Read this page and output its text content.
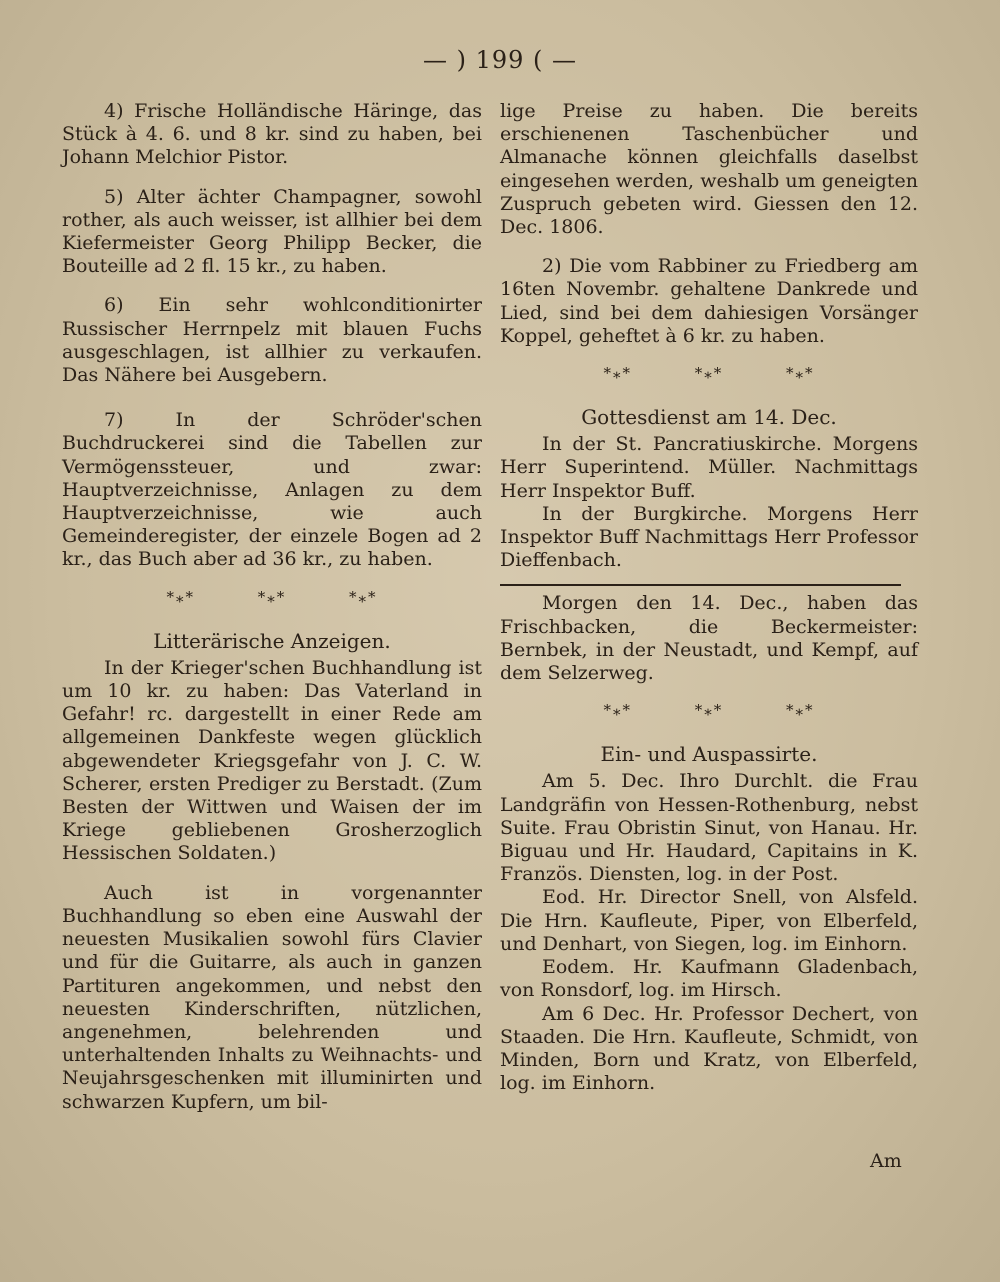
— ) 199 ( —

4) Frische Holländische Häringe, das Stück à 4. 6. und 8 kr. sind zu haben, bei Johann Melchior Pistor.

5) Alter ächter Champagner, sowohl rother, als auch weisser, ist allhier bei dem Kiefermeister Georg Philipp Becker, die Bouteille ad 2 fl. 15 kr., zu haben.

6) Ein sehr wohlconditionirter Russischer Herrnpelz mit blauen Fuchs ausgeschlagen, ist allhier zu verkaufen. Das Nähere bei Ausgebern.

7) In der Schröder'schen Buchdruckerei sind die Tabellen zur Vermögenssteuer, und zwar: Hauptverzeichnisse, Anlagen zu dem Hauptverzeichnisse, wie auch Gemeinderegister, der einzele Bogen ad 2 kr., das Buch aber ad 36 kr., zu haben.

*⁎*	*⁎*	*⁎*
Litterärische Anzeigen.

In der Krieger'schen Buchhandlung ist um 10 kr. zu haben: Das Vaterland in Gefahr! rc. dargestellt in einer Rede am allgemeinen Dankfeste wegen glücklich abgewendeter Kriegsgefahr von J. C. W. Scherer, ersten Prediger zu Berstadt. (Zum Besten der Wittwen und Waisen der im Kriege gebliebenen Grosherzoglich Hessischen Soldaten.)

Auch ist in vorgenannter Buchhandlung so eben eine Auswahl der neuesten Musikalien sowohl fürs Clavier und für die Guitarre, als auch in ganzen Partituren angekommen, und nebst den neuesten Kinderschriften, nützlichen, angenehmen, belehrenden und unterhaltenden Inhalts zu Weihnachts- und Neujahrsgeschenken mit illuminirten und schwarzen Kupfern, um bil-

lige Preise zu haben. Die bereits erschienenen Taschenbücher und Almanache können gleichfalls daselbst eingesehen werden, weshalb um geneigten Zuspruch gebeten wird. Giessen den 12. Dec. 1806.

2) Die vom Rabbiner zu Friedberg am 16ten Novembr. gehaltene Dankrede und Lied, sind bei dem dahiesigen Vorsänger Koppel, geheftet à 6 kr. zu haben.

*⁎*	*⁎*	*⁎*
Gottesdienst am 14. Dec.

In der St. Pancratiuskirche. Morgens Herr Superintend. Müller. Nachmittags Herr Inspektor Buff.

In der Burgkirche. Morgens Herr Inspektor Buff Nachmittags Herr Professor Dieffenbach.

Morgen den 14. Dec., haben das Frischbacken, die Beckermeister: Bernbek, in der Neustadt, und Kempf, auf dem Selzerweg.

*⁎*	*⁎*	*⁎*
Ein- und Auspassirte.

Am 5. Dec. Ihro Durchlt. die Frau Landgräfin von Hessen-Rothenburg, nebst Suite. Frau Obristin Sinut, von Hanau. Hr. Biguau und Hr. Haudard, Capitains in K. Französ. Diensten, log. in der Post.

Eod. Hr. Director Snell, von Alsfeld. Die Hrn. Kaufleute, Piper, von Elberfeld, und Denhart, von Siegen, log. im Einhorn.

Eodem. Hr. Kaufmann Gladenbach, von Ronsdorf, log. im Hirsch.

Am 6 Dec. Hr. Professor Dechert, von Staaden. Die Hrn. Kaufleute, Schmidt, von Minden, Born und Kratz, von Elberfeld, log. im Einhorn.

Am
